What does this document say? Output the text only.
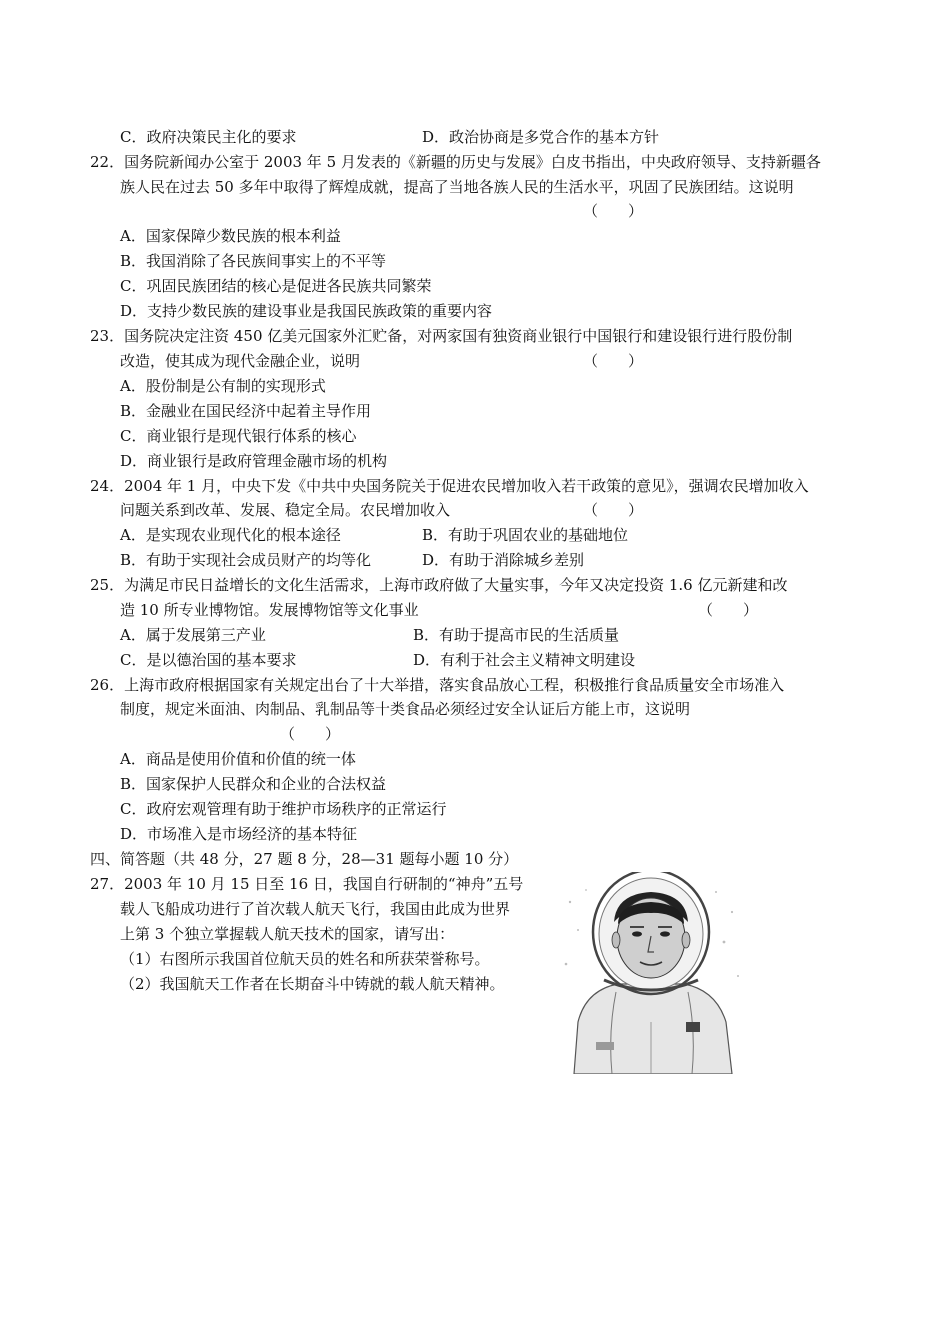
C．政府决策民主化的要求	D．政治协商是多党合作的基本方针
22．国务院新闻办公室于 2003 年 5 月发表的《新疆的历史与发展》白皮书指出，中央政府领导、支持新疆各
族人民在过去 50 多年中取得了辉煌成就，提高了当地各族人民的生活水平，巩固了民族团结。这说明
（　　）
A．国家保障少数民族的根本利益
B．我国消除了各民族间事实上的不平等
C．巩固民族团结的核心是促进各民族共同繁荣
D．支持少数民族的建设事业是我国民族政策的重要内容
23．国务院决定注资 450 亿美元国家外汇贮备，对两家国有独资商业银行中国银行和建设银行进行股份制
改造，使其成为现代金融企业，说明	（　　）
A．股份制是公有制的实现形式
B．金融业在国民经济中起着主导作用
C．商业银行是现代银行体系的核心
D．商业银行是政府管理金融市场的机构
24．2004 年 1 月，中央下发《中共中央国务院关于促进农民增加收入若干政策的意见》，强调农民增加收入
问题关系到改革、发展、稳定全局。农民增加收入	（　　）
A．是实现农业现代化的根本途径	B．有助于巩固农业的基础地位
B．有助于实现社会成员财产的均等化	D．有助于消除城乡差别
25．为满足市民日益增长的文化生活需求，上海市政府做了大量实事，今年又决定投资 1.6 亿元新建和改
造 10 所专业博物馆。发展博物馆等文化事业	（　　）
A．属于发展第三产业	B．有助于提高市民的生活质量
C．是以德治国的基本要求	D．有利于社会主义精神文明建设
26．上海市政府根据国家有关规定出台了十大举措，落实食品放心工程，积极推行食品质量安全市场准入
制度，规定米面油、肉制品、乳制品等十类食品必须经过安全认证后方能上市，这说明
（　　）
A．商品是使用价值和价值的统一体
B．国家保护人民群众和企业的合法权益
C．政府宏观管理有助于维护市场秩序的正常运行
D．市场准入是市场经济的基本特征
四、简答题（共 48 分，27 题 8 分，28—31 题每小题 10 分）
27．2003 年 10 月 15 日至 16 日，我国自行研制的“神舟”五号
载人飞船成功进行了首次载人航天飞行，我国由此成为世界
上第 3 个独立掌握载人航天技术的国家，请写出：
（1）右图所示我国首位航天员的姓名和所获荣誉称号。
（2）我国航天工作者在长期奋斗中铸就的载人航天精神。
